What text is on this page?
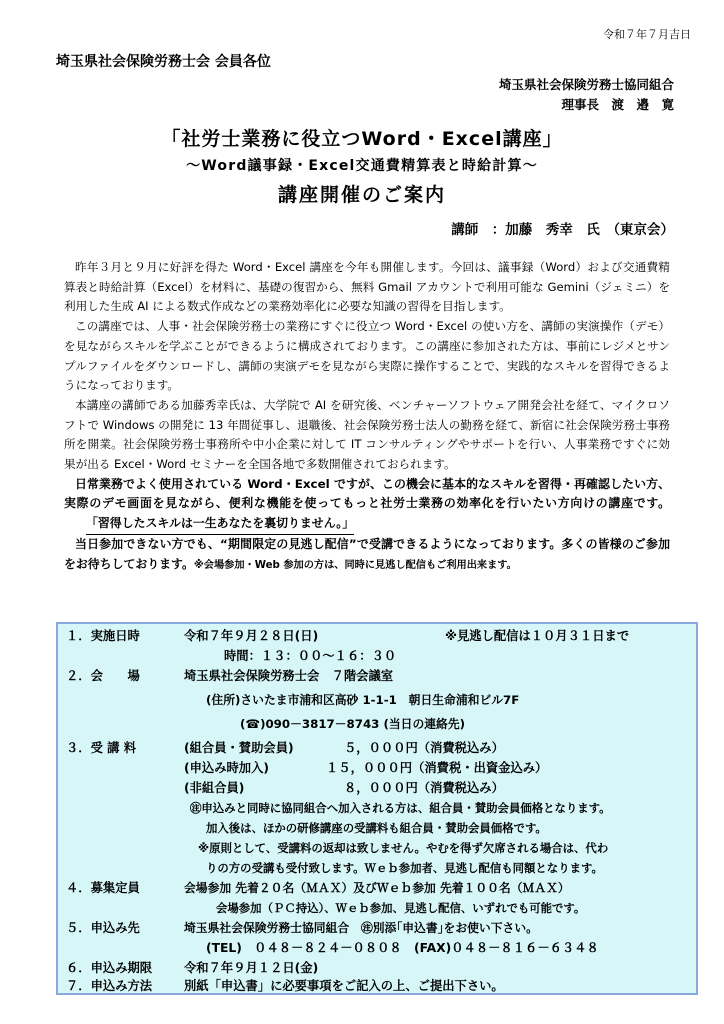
令和７年７月吉日
埼玉県社会保険労務士会 会員各位
埼玉県社会保険労務士協同組合
理事長　渡　邉　寛
「社労士業務に役立つWord・Excel講座」
～Word議事録・Excel交通費精算表と時給計算～
講座開催のご案内
講師　：加藤　秀幸　氏　（東京会）

昨年３月と９月に好評を得た Word・Excel 講座を今年も開催します。今回は、議事録（Word）および交通費精算表と時給計算（Excel）を材料に、基礎の復習から、無料 Gmail アカウントで利用可能な Gemini（ジェミニ）を利用した生成 AI による数式作成などの業務効率化に必要な知識の習得を目指します。

この講座では、人事・社会保険労務士の業務にすぐに役立つ Word・Excel の使い方を、講師の実演操作（デモ）を見ながらスキルを学ぶことができるように構成されております。この講座に参加された方は、事前にレジメとサンプルファイルをダウンロードし、講師の実演デモを見ながら実際に操作することで、実践的なスキルを習得できるようになっております。

本講座の講師である加藤秀幸氏は、大学院で AI を研究後、ベンチャーソフトウェア開発会社を経て、マイクロソフトで Windows の開発に 13 年間従事し、退職後、社会保険労務士法人の勤務を経て、新宿に社会保険労務士事務所を開業。社会保険労務士事務所や中小企業に対して IT コンサルティングやサポートを行い、人事業務ですぐに効果が出る Excel・Word セミナーを全国各地で多数開催されておられます。

日常業務でよく使用されている Word・Excel ですが、この機会に基本的なスキルを習得・再確認したい方、実際のデモ画面を見ながら、便利な機能を使ってもっと社労士業務の効率化を行いたい方向けの講座です。「習得したスキルは一生あなたを裏切りません。」

当日参加できない方でも、“期間限定の見逃し配信”で受講できるようになっております。多くの皆様のご参加をお待ちしております。※会場参加・Web 参加の方は、同時に見逃し配信もご利用出来ます。

１．実施日時	令和７年９月２８日(日)	※見逃し配信は１０月３１日まで
時間：１３：００～１６：３０
２．会　　場	埼玉県社会保険労務士会　７階会議室
(住所)さいたま市浦和区高砂 1-1-1　朝日生命浦和ビル7F
(☎)090－3817－8743 (当日の連絡先)
３．受 講 料	(組合員・賛助会員)	５，０００円（消費税込み）
(申込み時加入)	１５，０００円（消費税・出資金込み）
(非組合員)	８，０００円（消費税込み）
㊟申込みと同時に協同組合へ加入される方は、組合員・賛助会員価格となります。
加入後は、ほかの研修講座の受講料も組合員・賛助会員価格です。
※原則として、受講料の返却は致しません。やむを得ず欠席される場合は、代わ
りの方の受講も受付致します。Ｗｅｂ参加者、見逃し配信も同額となります。
４．募集定員	会場参加 先着２０名（ＭＡＸ）及びＷｅｂ参加 先着１００名（ＭＡＸ）
会場参加（ＰＣ持込）、Ｗｅｂ参加、見逃し配信、いずれでも可能です。
５．申込み先	埼玉県社会保険労務士協同組合　㊟別添｢申込書｣をお使い下さい。
(TEL)　０４８－８２４－０８０８　(FAX)０４８－８１６－６３４８
６．申込み期限	令和７年９月１２日(金)
７．申込み方法	別紙「申込書」に必要事項をご記入の上、ご提出下さい。
